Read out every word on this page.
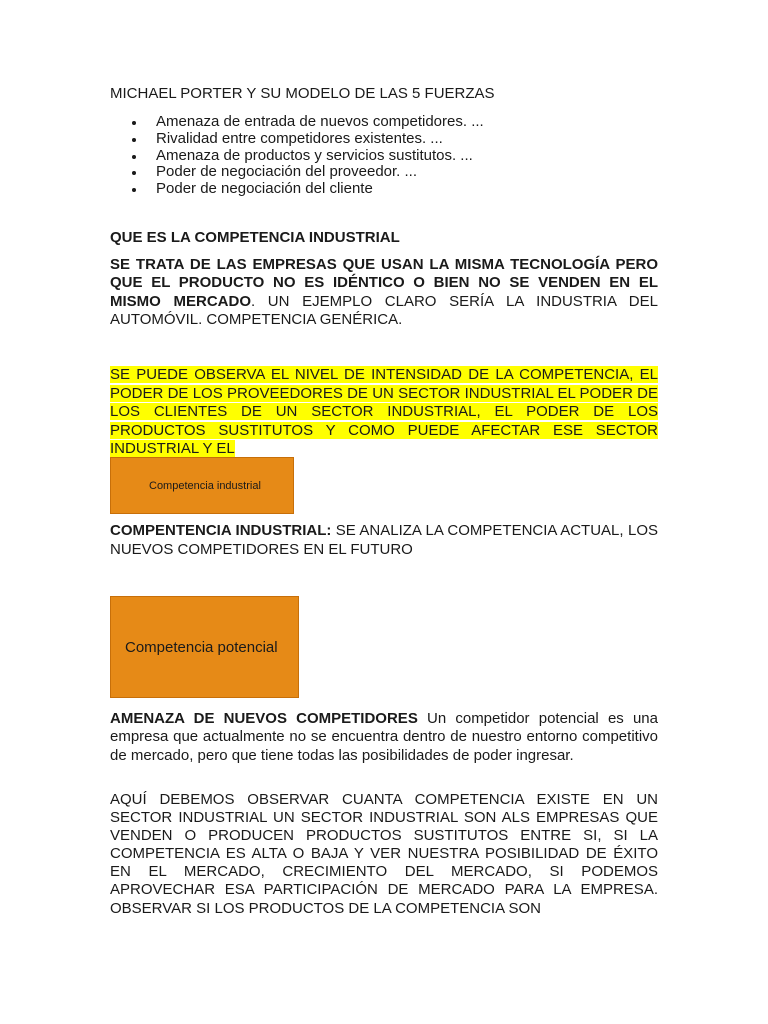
MICHAEL PORTER Y SU MODELO DE LAS 5 FUERZAS
Amenaza de entrada de nuevos competidores. ...
Rivalidad entre competidores existentes. ...
Amenaza de productos y servicios sustitutos. ...
Poder de negociación del proveedor. ...
Poder de negociación del cliente
QUE ES LA COMPETENCIA INDUSTRIAL

SE TRATA DE LAS EMPRESAS QUE USAN LA MISMA TECNOLOGÍA PERO QUE EL PRODUCTO NO ES IDÉNTICO O BIEN NO SE VENDEN EN EL MISMO MERCADO. UN EJEMPLO CLARO SERÍA LA INDUSTRIA DEL AUTOMÓVIL. COMPETENCIA GENÉRICA.

SE PUEDE OBSERVA EL NIVEL DE INTENSIDAD DE LA COMPETENCIA, EL PODER DE LOS PROVEEDORES DE UN SECTOR INDUSTRIAL EL PODER DE LOS CLIENTES DE UN SECTOR INDUSTRIAL, EL PODER DE LOS PRODUCTOS SUSTITUTOS Y COMO PUEDE AFECTAR ESE SECTOR INDUSTRIAL Y EL

Competencia industrial

COMPENTENCIA INDUSTRIAL: SE ANALIZA LA COMPETENCIA ACTUAL, LOS NUEVOS COMPETIDORES EN EL FUTURO

Competencia potencial

AMENAZA DE NUEVOS COMPETIDORES Un competidor potencial es una empresa que actualmente no se encuentra dentro de nuestro entorno competitivo de mercado, pero que tiene todas las posibilidades de poder ingresar.

AQUÍ DEBEMOS OBSERVAR CUANTA COMPETENCIA EXISTE EN UN SECTOR INDUSTRIAL UN SECTOR INDUSTRIAL SON ALS EMPRESAS QUE VENDEN O PRODUCEN PRODUCTOS SUSTITUTOS ENTRE SI, SI LA COMPETENCIA ES ALTA O BAJA Y VER NUESTRA POSIBILIDAD DE ÉXITO EN EL MERCADO, CRECIMIENTO DEL MERCADO, SI PODEMOS APROVECHAR ESA PARTICIPACIÓN DE MERCADO PARA LA EMPRESA. OBSERVAR SI LOS PRODUCTOS DE LA COMPETENCIA SON
